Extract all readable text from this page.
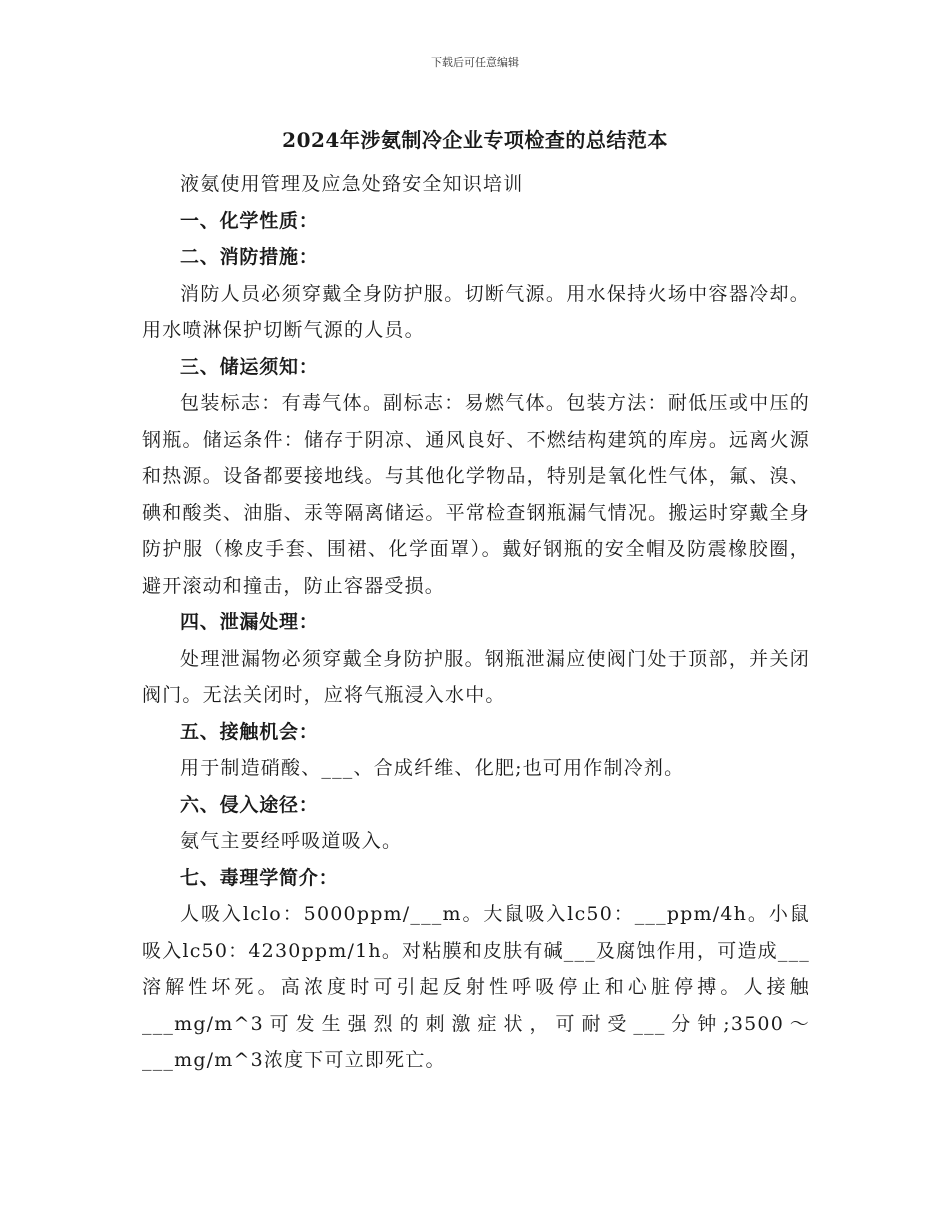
下载后可任意编辑
2024年涉氨制冷企业专项检查的总结范本

液氨使用管理及应急处臵安全知识培训

一、化学性质：

二、消防措施：

消防人员必须穿戴全身防护服。切断气源。用水保持火场中容器冷却。用水喷淋保护切断气源的人员。

三、储运须知：

包装标志：有毒气体。副标志：易燃气体。包装方法：耐低压或中压的钢瓶。储运条件：储存于阴凉、通风良好、不燃结构建筑的库房。远离火源和热源。设备都要接地线。与其他化学物品，特别是氧化性气体，氟、溴、碘和酸类、油脂、汞等隔离储运。平常检查钢瓶漏气情况。搬运时穿戴全身防护服（橡皮手套、围裙、化学面罩）。戴好钢瓶的安全帽及防震橡胶圈，避开滚动和撞击，防止容器受损。

四、泄漏处理：

处理泄漏物必须穿戴全身防护服。钢瓶泄漏应使阀门处于顶部，并关闭阀门。无法关闭时，应将气瓶浸入水中。

五、接触机会：

用于制造硝酸、___、合成纤维、化肥;也可用作制冷剂。

六、侵入途径：

氨气主要经呼吸道吸入。

七、毒理学简介：

人吸入lclo：5000ppm/___m。大鼠吸入lc50：___ppm/4h。小鼠吸入lc50：4230ppm/1h。对粘膜和皮肤有碱___及腐蚀作用，可造成___溶解性坏死。高浓度时可引起反射性呼吸停止和心脏停搏。人接触___mg/m^3可发生强烈的刺激症状，可耐受___分钟;3500～___mg/m^3浓度下可立即死亡。
